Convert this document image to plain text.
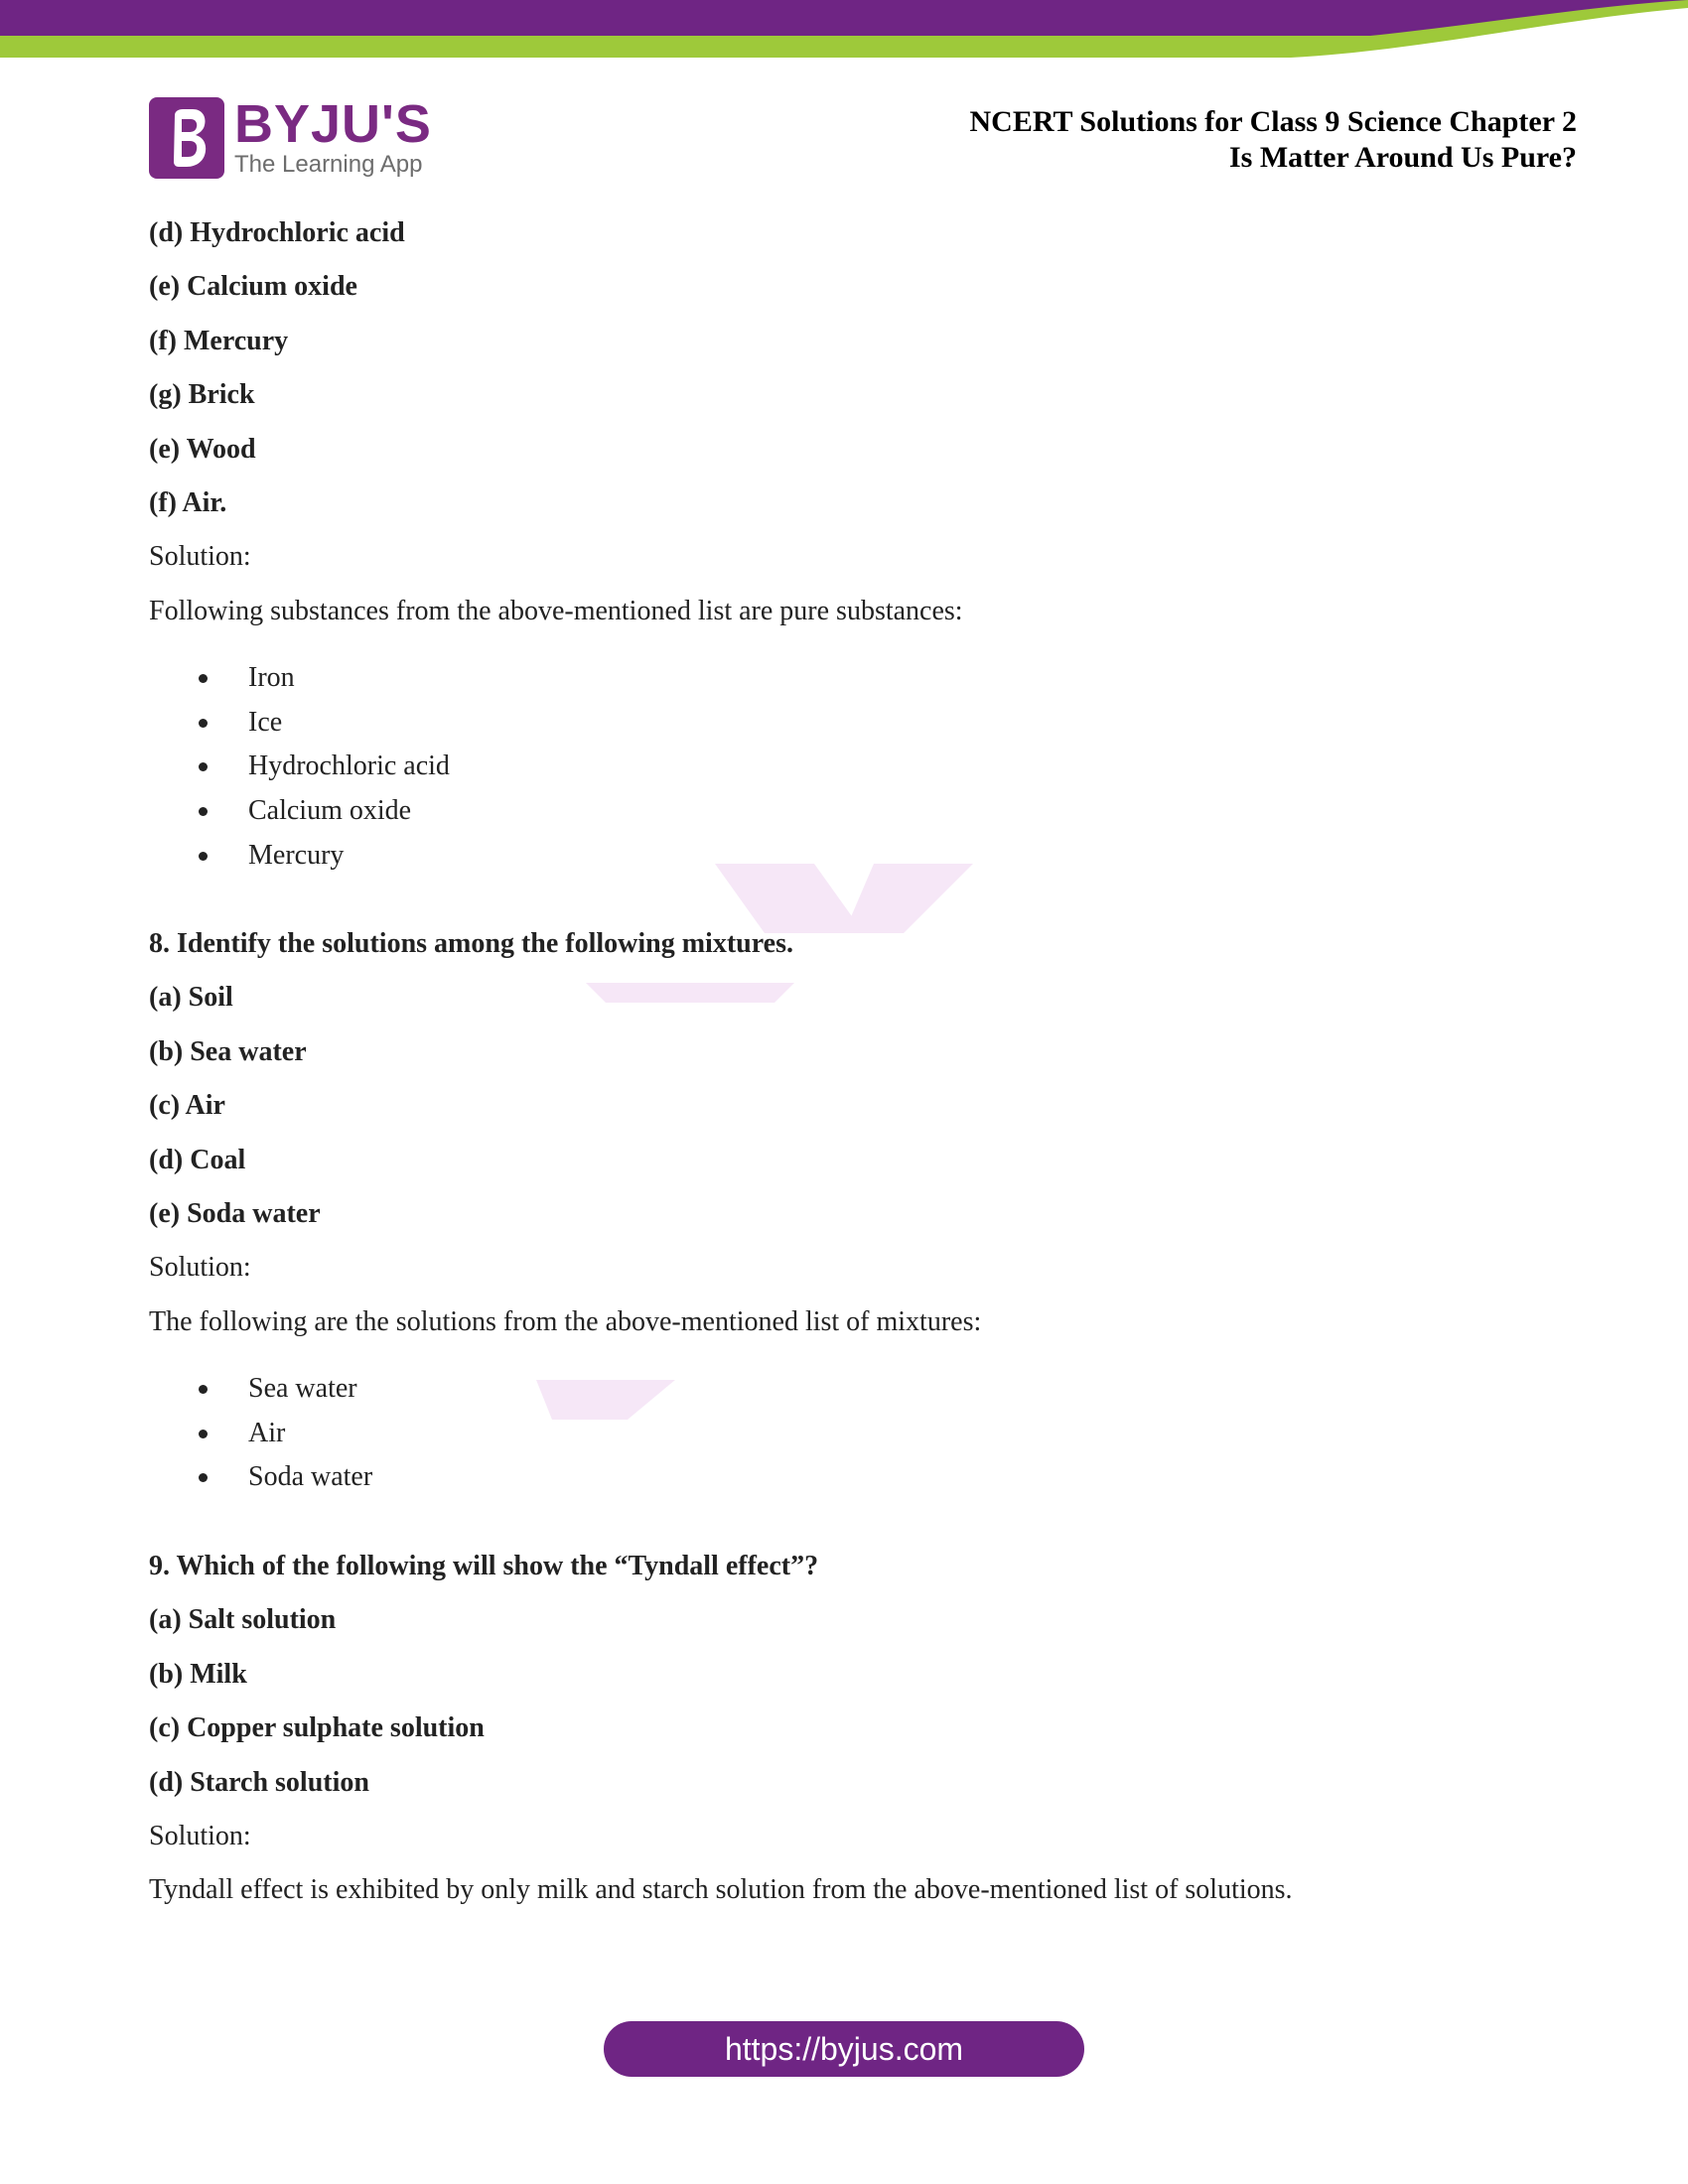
BYJU'S
The Learning App
NCERT Solutions for Class 9 Science Chapter 2
Is Matter Around Us Pure?

(d) Hydrochloric acid

(e) Calcium oxide

(f) Mercury

(g) Brick

(e) Wood

(f) Air.

Solution:

Following substances from the above-mentioned list are pure substances:

Iron
Ice
Hydrochloric acid
Calcium oxide
Mercury

8. Identify the solutions among the following mixtures.

(a) Soil

(b) Sea water

(c) Air

(d) Coal

(e) Soda water

Solution:

The following are the solutions from the above-mentioned list of mixtures:

Sea water
Air
Soda water

9. Which of the following will show the “Tyndall effect”?

(a) Salt solution

(b) Milk

(c) Copper sulphate solution

(d) Starch solution

Solution:

Tyndall effect is exhibited by only milk and starch solution from the above-mentioned list of solutions.

https://byjus.com
